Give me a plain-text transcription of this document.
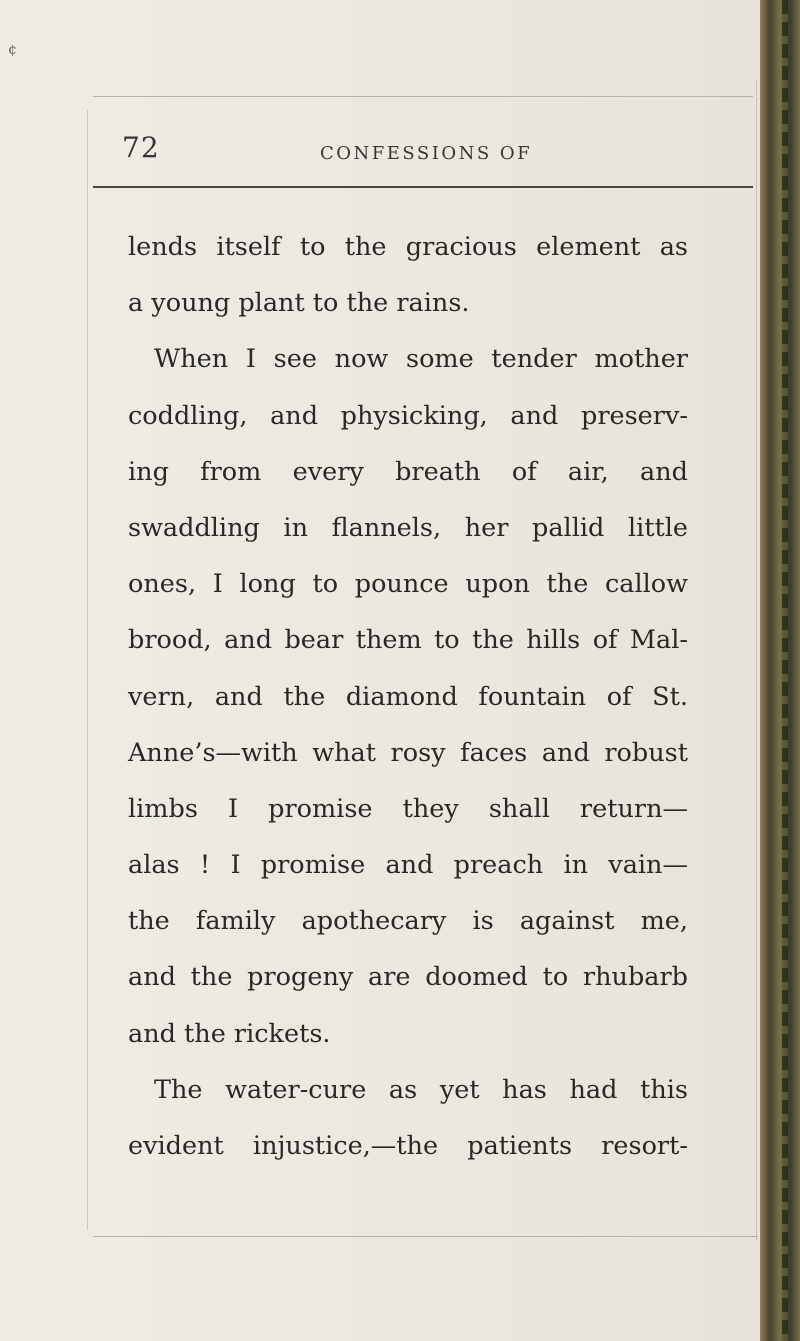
¢
72	CONFESSIONS OF
lends itself to the gracious element as
a young plant to the rains.
When I see now some tender mother
coddling, and physicking, and preserv-
ing from every breath of air, and
swaddling in flannels, her pallid little
ones, I long to pounce upon the callow
brood, and bear them to the hills of Mal-
vern, and the diamond fountain of St.
Anne’s—with what rosy faces and robust
limbs I promise they shall return—
alas ! I promise and preach in vain—
the family apothecary is against me,
and the progeny are doomed to rhubarb
and the rickets.
The water-cure as yet has had this
evident injustice,—the patients resort-
